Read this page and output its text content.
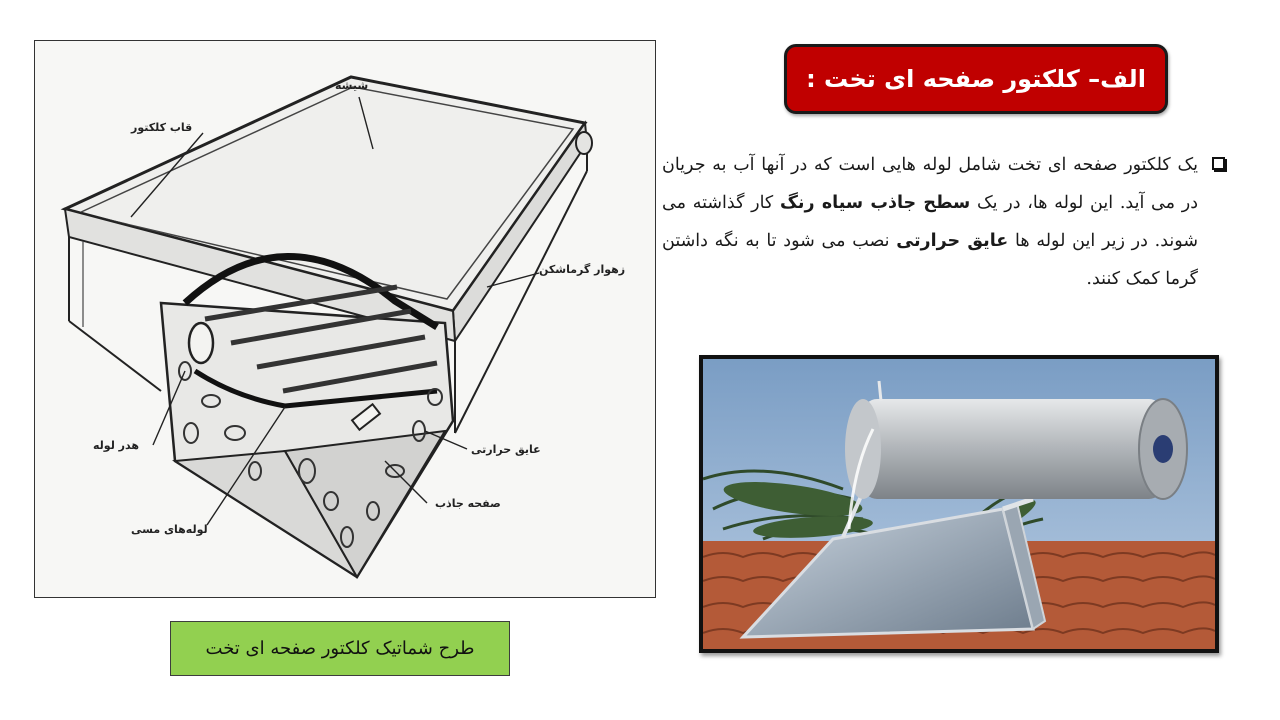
الف– کلکتور صفحه ای تخت :
یک کلکتور صفحه ای تخت شامل لوله هایی است که در آنها آب به جریان در می آید. این لوله ها، در یک سطح جاذب سیاه رنگ کار گذاشته می شوند. در زیر این لوله ها عایق حرارتی نصب می شود تا به نگه داشتن گرما کمک کنند.
شیشه
قاب کلکتور
زهوار گرماشکن
هدر لوله	عایق حرارتی
صفحه جاذب
لوله‌های مسی
طرح شماتیک کلکتور صفحه ای تخت
